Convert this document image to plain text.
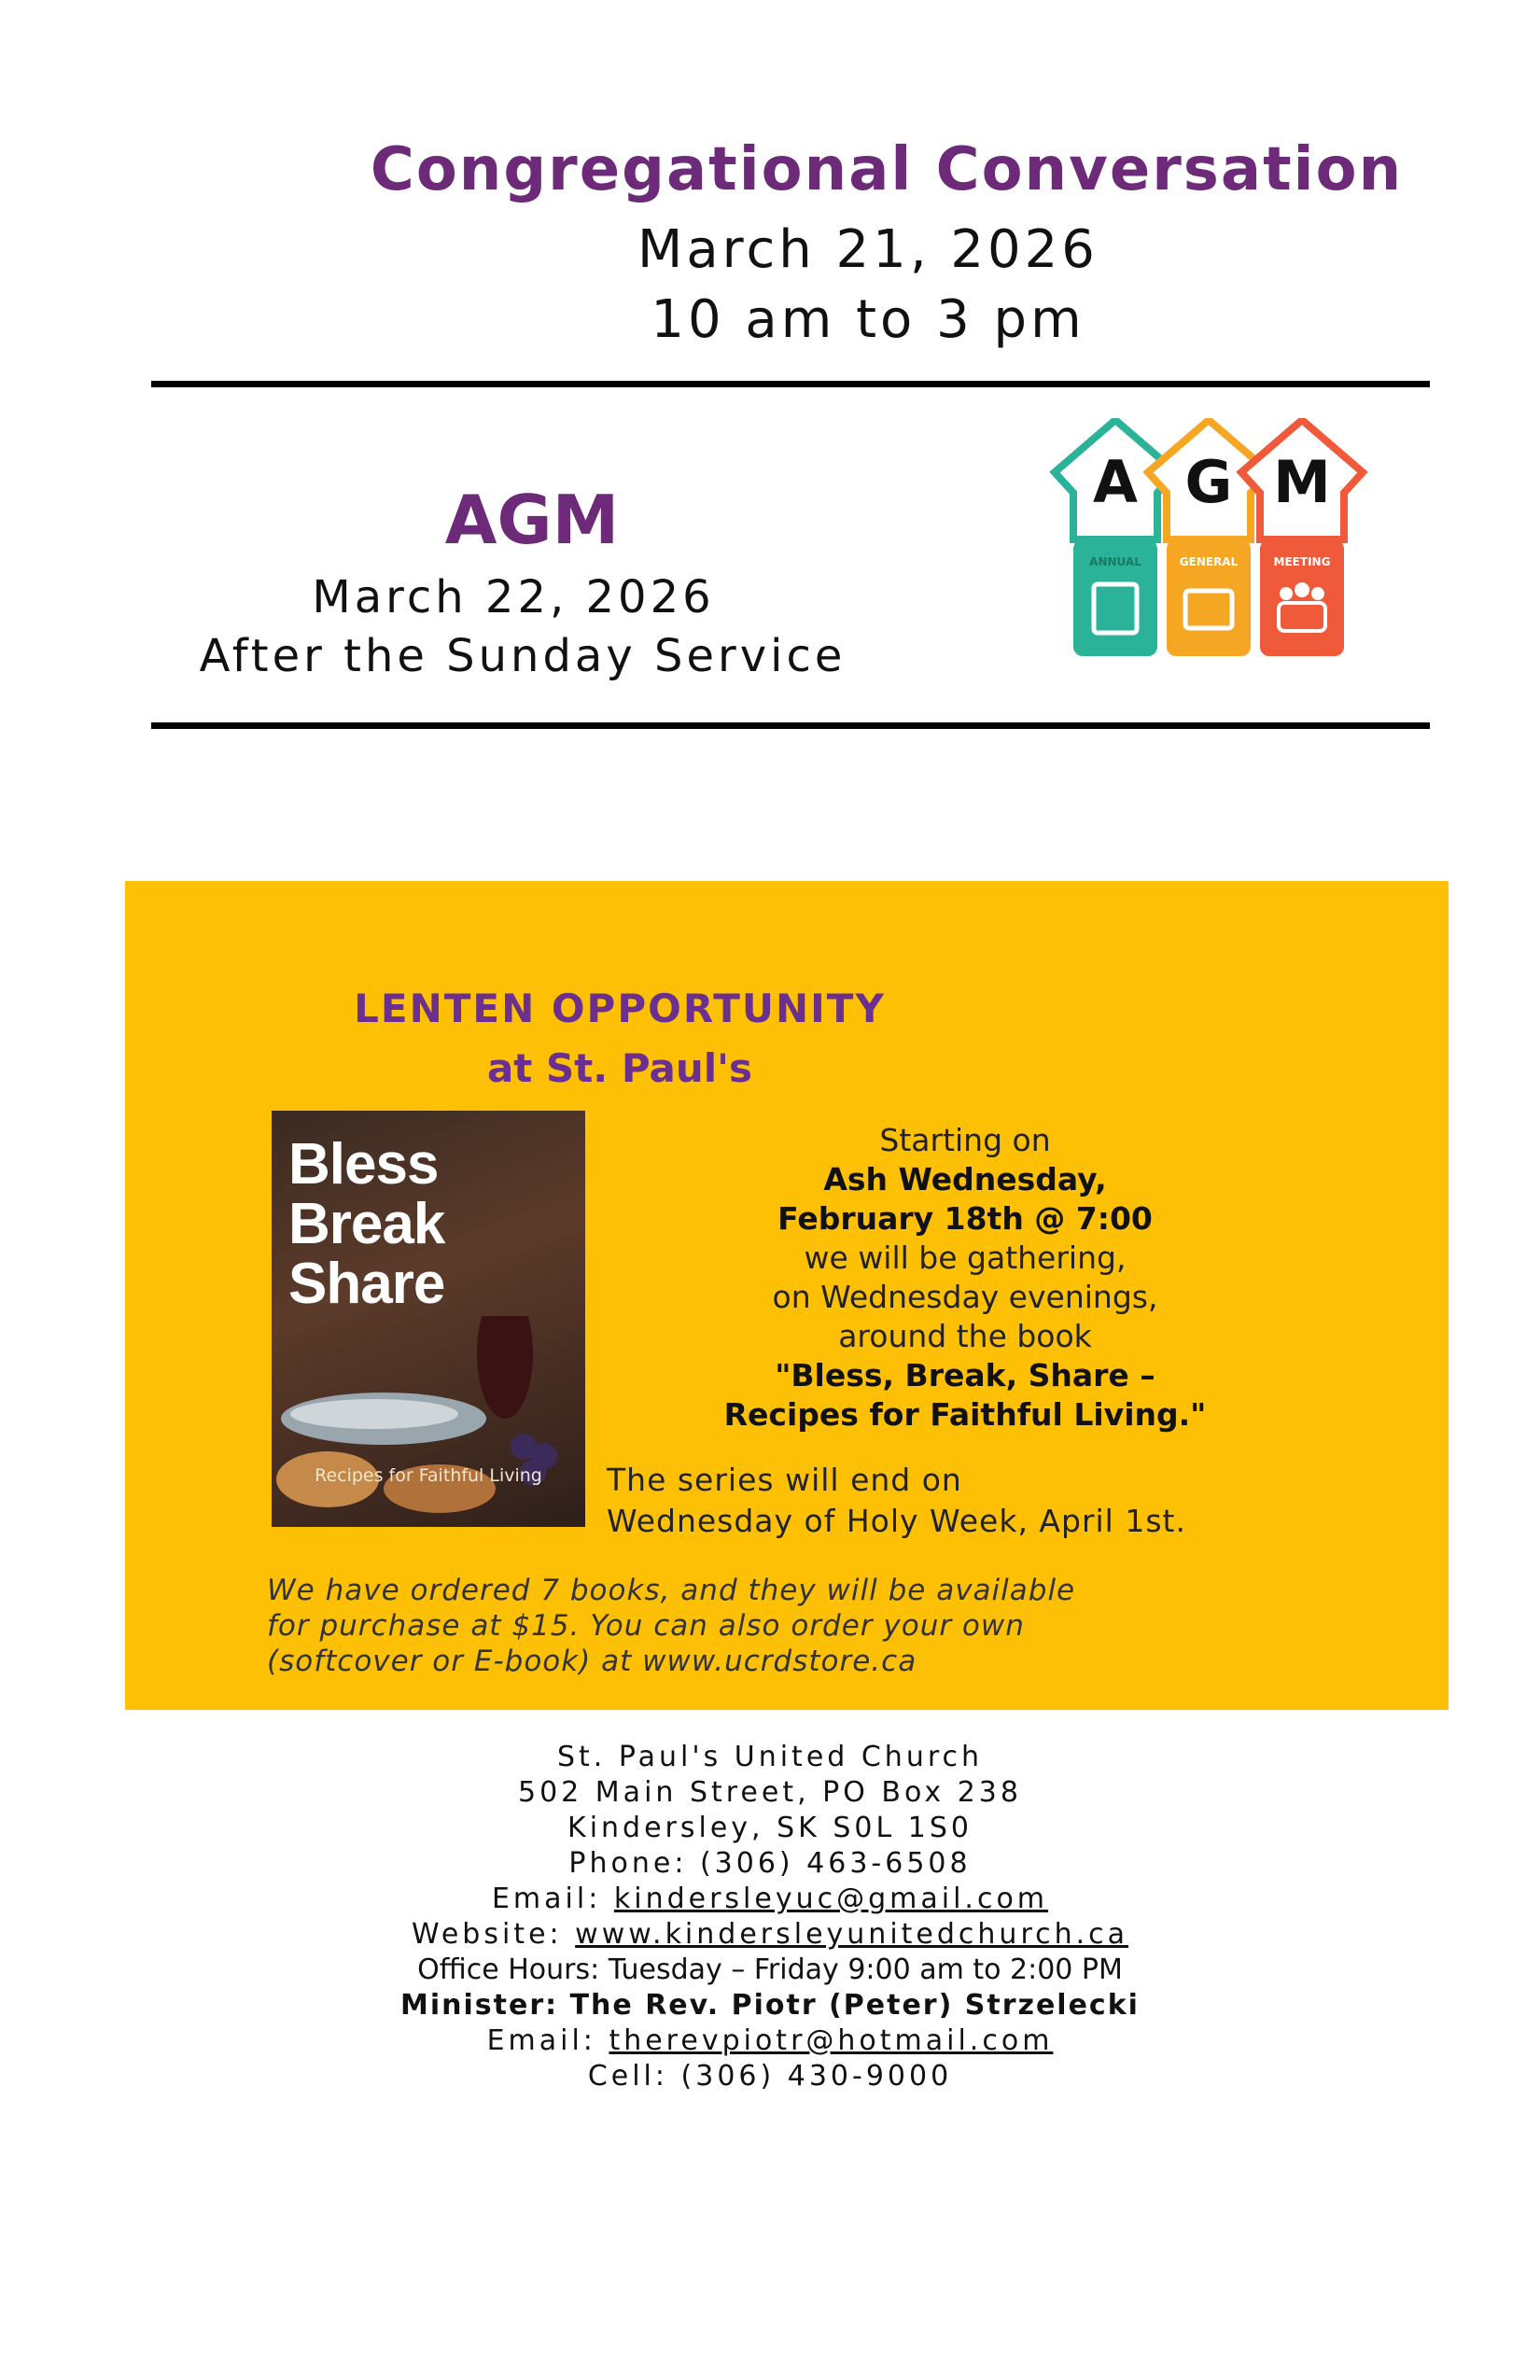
Congregational Conversation
March 21, 2026
10 am to 3 pm
AGM
March 22, 2026
After the Sunday Service
A
ANNUAL
G
GENERAL
M
MEETING
LENTEN OPPORTUNITY
at St. Paul's
Bless
Break
Share
Recipes for Faithful Living
Starting on
Ash Wednesday,
February 18th @ 7:00
we will be gathering,
on Wednesday evenings,
around the book
"Bless, Break, Share –
Recipes for Faithful Living."
The series will end on
Wednesday of Holy Week, April 1st.
We have ordered 7 books, and they will be available
for purchase at $15. You can also order your own
(softcover or E-book) at www.ucrdstore.ca
St. Paul's United Church
502 Main Street, PO Box 238
Kindersley, SK S0L 1S0
Phone: (306) 463-6508
Email: kindersleyuc@gmail.com
Website: www.kindersleyunitedchurch.ca
Office Hours: Tuesday – Friday 9:00 am to 2:00 PM
Minister: The Rev. Piotr (Peter) Strzelecki
Email: therevpiotr@hotmail.com
Cell: (306) 430-9000
